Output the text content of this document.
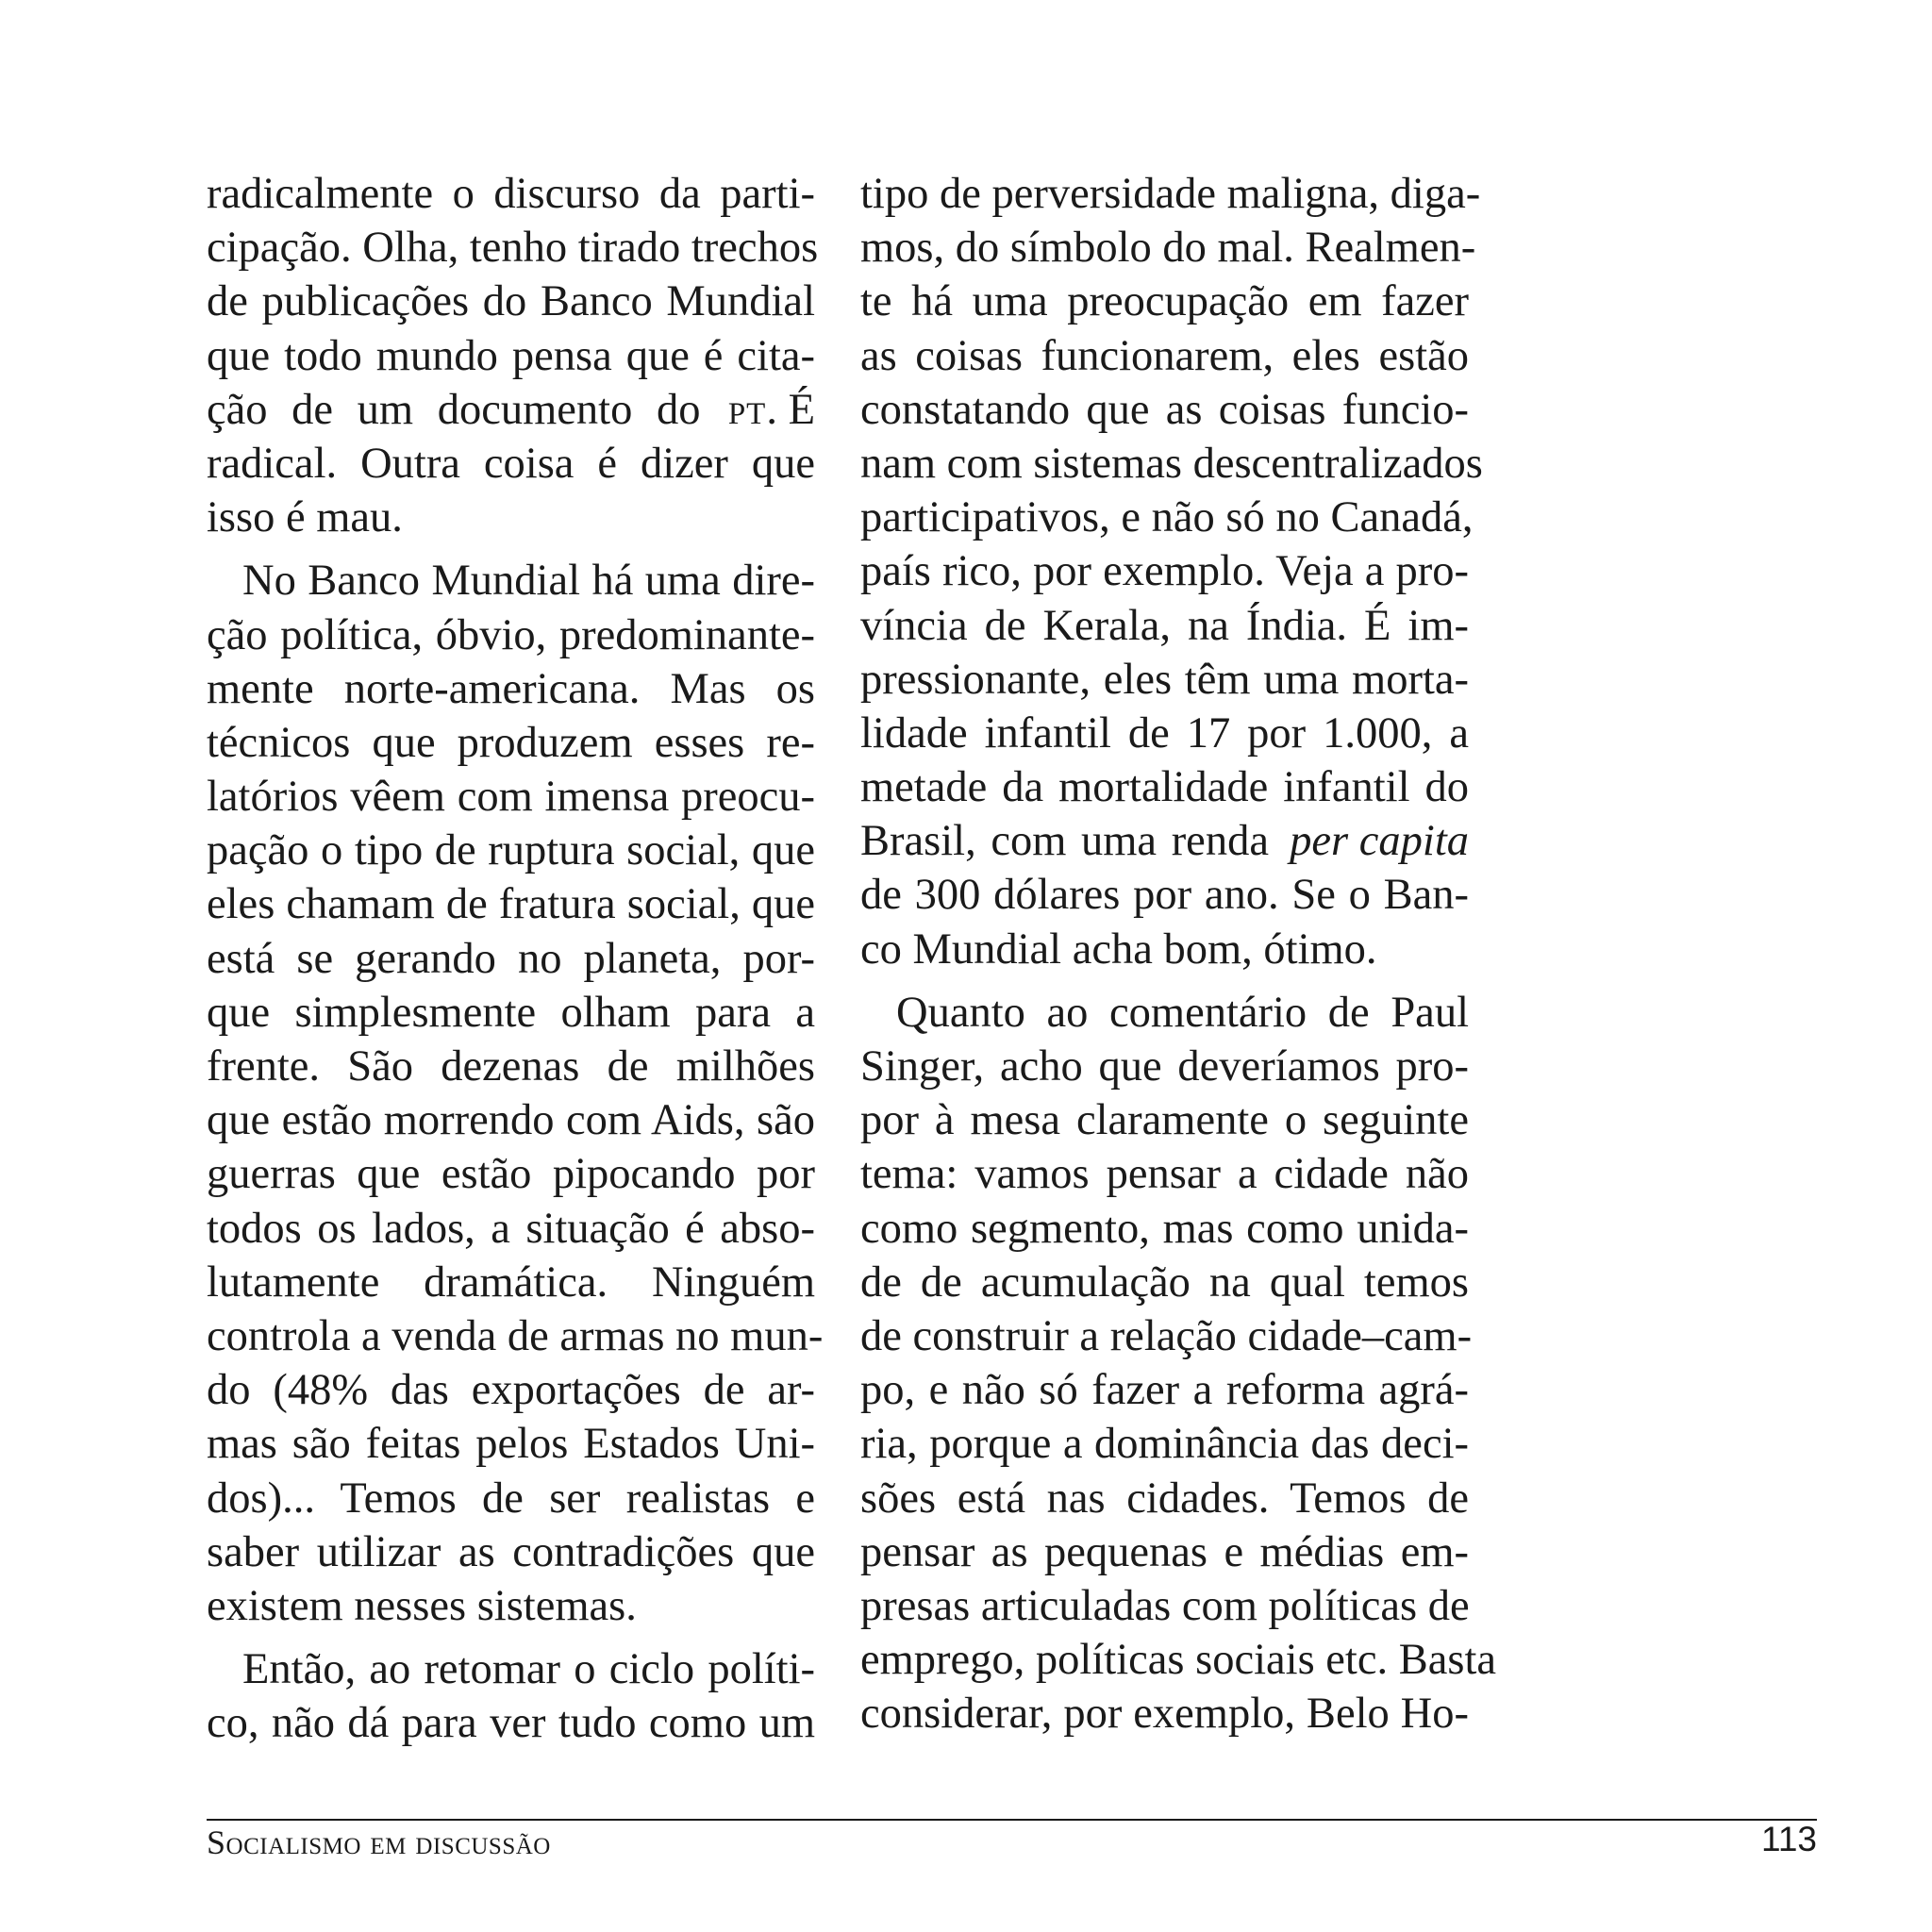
radicalmente o discurso da parti-
cipação. Olha, tenho tirado trechos
de publicações do Banco Mundial
que todo mundo pensa que é cita-
ção de um documento do pt. É
radical. Outra coisa é dizer que
isso é mau.
No Banco Mundial há uma dire-
ção política, óbvio, predominante-
mente norte-americana. Mas os
técnicos que produzem esses re-
latórios vêem com imensa preocu-
pação o tipo de ruptura social, que
eles chamam de fratura social, que
está se gerando no planeta, por-
que simplesmente olham para a
frente. São dezenas de milhões
que estão morrendo com Aids, são
guerras que estão pipocando por
todos os lados, a situação é abso-
lutamente dramática. Ninguém
controla a venda de armas no mun-
do (48% das exportações de ar-
mas são feitas pelos Estados Uni-
dos)... Temos de ser realistas e
saber utilizar as contradições que
existem nesses sistemas.
Então, ao retomar o ciclo políti-
co, não dá para ver tudo como um
tipo de perversidade maligna, diga-
mos, do símbolo do mal. Realmen-
te há uma preocupação em fazer
as coisas funcionarem, eles estão
constatando que as coisas funcio-
nam com sistemas descentralizados
participativos, e não só no Canadá,
país rico, por exemplo. Veja a pro-
víncia de Kerala, na Índia. É im-
pressionante, eles têm uma morta-
lidade infantil de 17 por 1.000, a
metade da mortalidade infantil do
Brasil, com uma renda per capita
de 300 dólares por ano. Se o Ban-
co Mundial acha bom, ótimo.
Quanto ao comentário de Paul
Singer, acho que deveríamos pro-
por à mesa claramente o seguinte
tema: vamos pensar a cidade não
como segmento, mas como unida-
de de acumulação na qual temos
de construir a relação cidade–cam-
po, e não só fazer a reforma agrá-
ria, porque a dominância das deci-
sões está nas cidades. Temos de
pensar as pequenas e médias em-
presas articuladas com políticas de
emprego, políticas sociais etc. Basta
considerar, por exemplo, Belo Ho-
Socialismo em discussão	113
